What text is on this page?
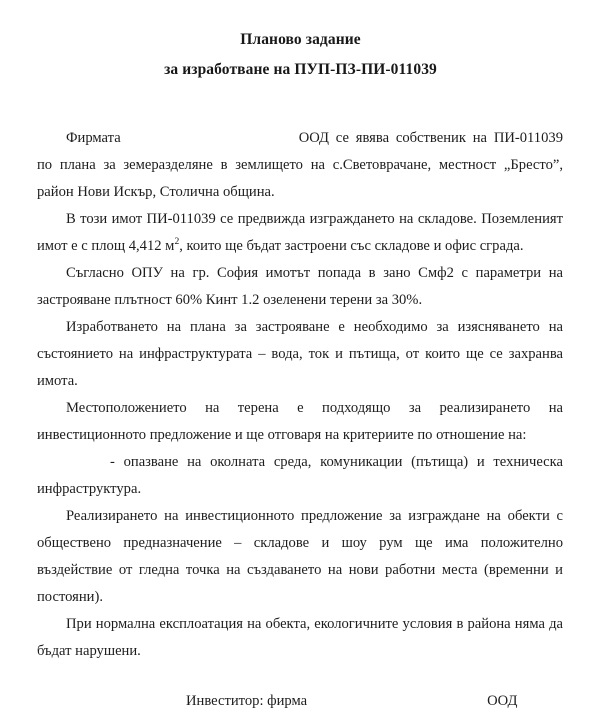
Планово задание
за изработване на ПУП-ПЗ-ПИ-011039

Фирмата	ООД се явява собственик на ПИ-011039 по плана за земеразделяне в землището на с.Световрачане, местност „Бресто”, район Нови Искър, Столична община.

В този имот ПИ-011039 се предвижда изграждането на складове. Поземленият имот е с площ 4,412 $м^2$, които ще бъдат застроени със складове и офис сграда.

Съгласно ОПУ на гр. София имотът попада в зано Смф2 с параметри на застрояване плътност 60% Кинт 1.2 озеленени терени за 30%.

Изработването на плана за застрояване е необходимо за изясняването на състоянието на инфраструктурата – вода, ток и пътища, от които ще се захранва имота.

Местоположението на терена е подходящо за реализирането на инвестиционното предложение и ще отговаря на критериите по отношение на:

- опазване на околната среда, комуникации (пътища) и техническа инфраструктура.

Реализирането на инвестиционното предложение за изграждане на обекти с обществено предназначение – складове и шоу рум ще има положително въздействие от гледна точка на създаването на нови работни места (временни и постояни).

При нормална експлоатация на обекта, екологичните условия в района няма да бъдат нарушени.

Инвеститор: фирма	ООД
